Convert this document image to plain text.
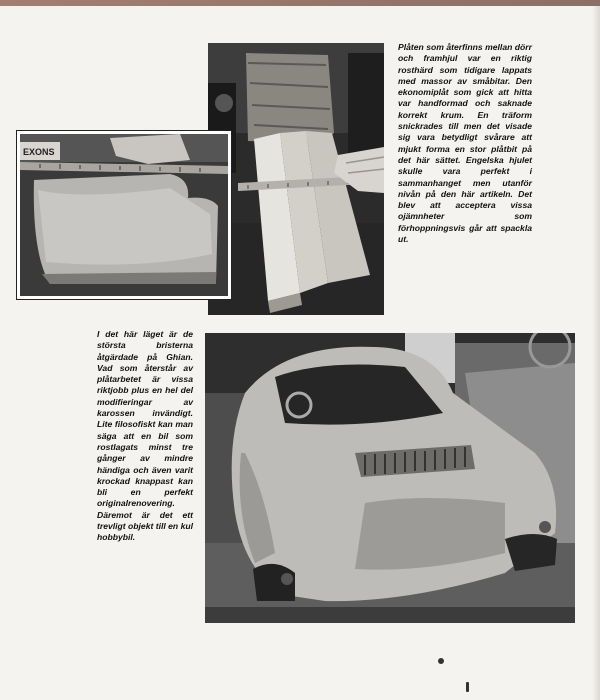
EXONS
Plåten som återfinns mellan dörr och framhjul var en riktig rosthärd som tidigare lappats med massor av småbitar. Den ekonomiplåt som gick att hitta var handformad och saknade korrekt krum. En träform snickrades till men det visade sig vara betydligt svårare att mjukt forma en stor plåtbit på det här sättet. Engelska hjulet skulle vara perfekt i sammanhanget men utanför nivån på den här artikeln. Det blev att acceptera vissa ojämnheter som förhoppningsvis går att spackla ut.
I det här läget är de största bristerna åtgärdade på Ghian. Vad som återstår av plåtarbetet är vissa riktjobb plus en hel del modifieringar av karossen invändigt. Lite filosofiskt kan man säga att en bil som rostlagats minst tre gånger av mindre händiga och även varit krockad knappast kan bli en perfekt originalrenovering. Däremot är det ett trevligt objekt till en kul hobbybil.
